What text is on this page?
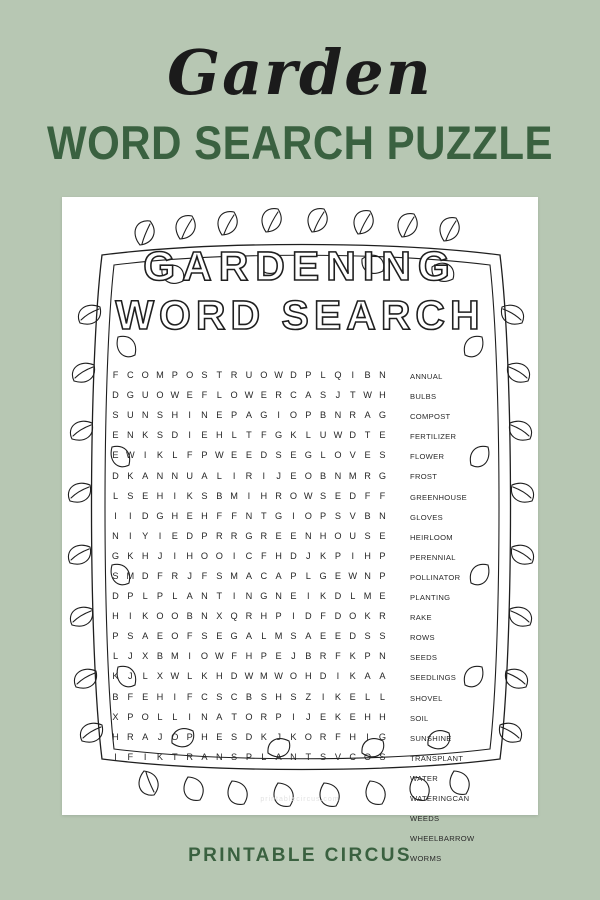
Garden
WORD SEARCH PUZZLE
GARDENING
WORD SEARCH
F C O M P O S T R U O W D P	L Q	I	B N
D G U O W E F	L O W E R C A S	J	T W H
S U N S H	I	N E P A G	I	O P B N R A G
E N K S D	I	E H L	T F G K	L U W D T E
E W	I	K	L	F P W E E D S E G L O V E S
D K A N N U A	L	I	R	I	J	E O B N M R G
L S E H	I	K S B M	I	H R O W S E D F F
I	I	D G H E H F F N T G	I	O P S V B N
N	I	Y	I	E D P R R G R E E N H O U S E
G K H	J	I	H O O	I	C F H D	J	K P	I	H P
S M D F R	J	F S M A C A P	L G E W N P
D P	L P	L A N T	I	N G N E	I	K D L M E
H	I	K O O B N X Q R H P	I	D F D O K R
P S A E O F S E G A	L M S A E E D S S
L	J	X B M	I	O W F H P E	J	B R F K P N
K	J	L X W L K H D W M W O H D	I	K A A
B F E H	I	F C S C B S H S Z	I	K E	L	L
X P O L	L	I	N A T O R P	I	J	E K E H H
H R A	J O P H E S D K	J	K O R F H	I	G
I	F	I	K T R A N S P	L A N T S V C O S
ANNUAL
BULBS
COMPOST
FERTILIZER
FLOWER
FROST
GREENHOUSE
GLOVES
HEIRLOOM
PERENNIAL
POLLINATOR
PLANTING
RAKE
ROWS
SEEDS
SEEDLINGS
SHOVEL
SOIL
SUNSHINE
TRANSPLANT
WATER
WATERINGCAN
WEEDS
WHEELBARROW
WORMS
printablecircus.com
PRINTABLE CIRCUS
